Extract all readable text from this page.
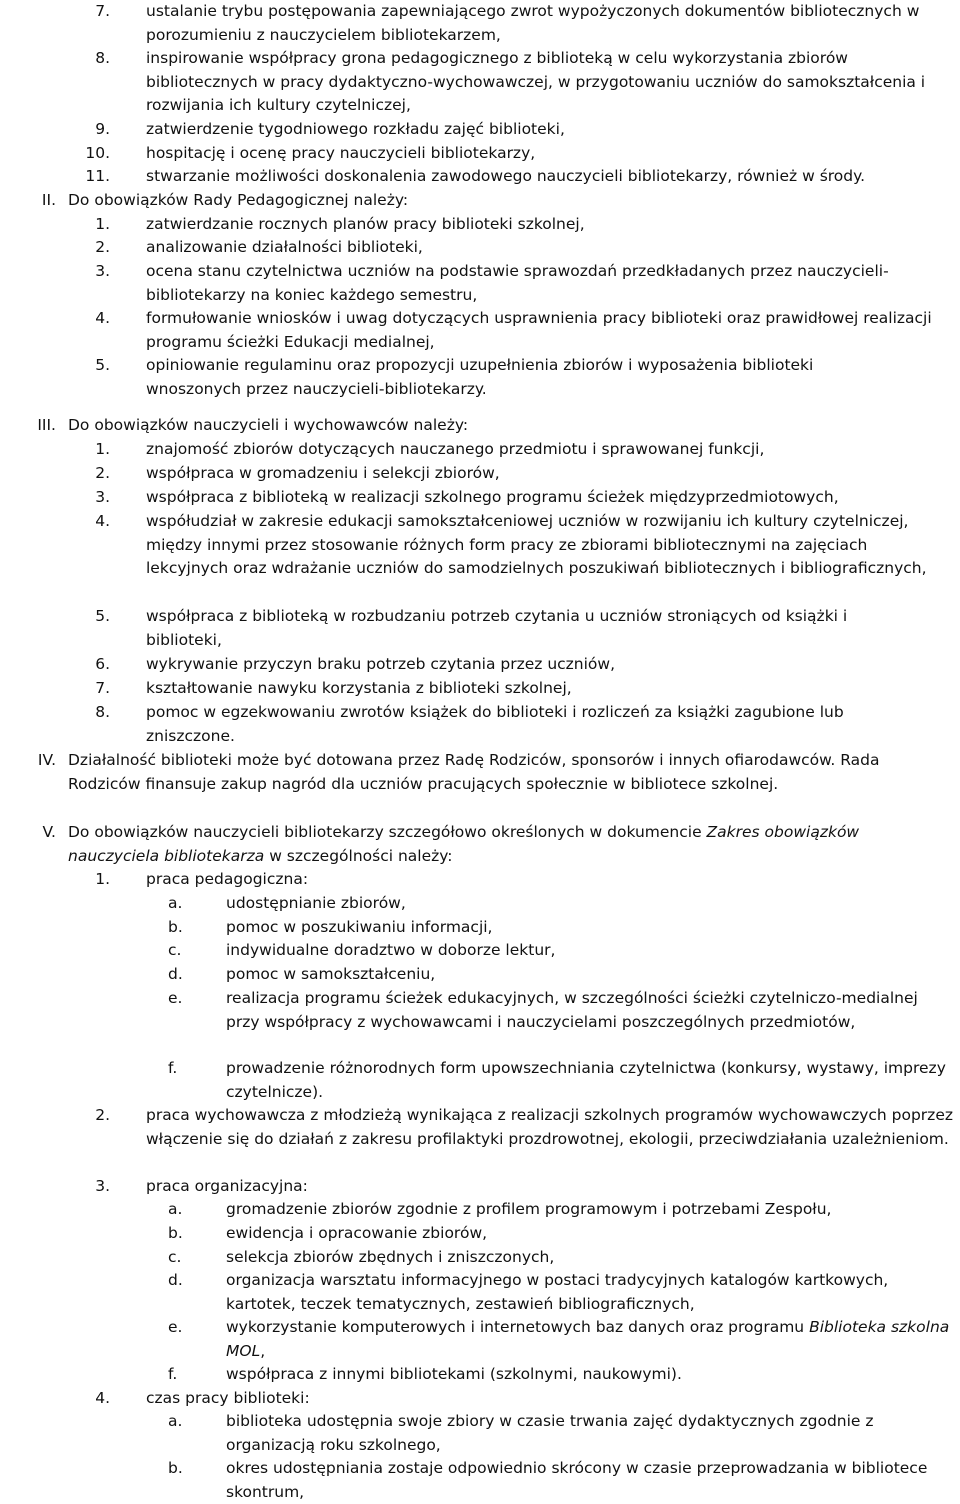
7. ustalanie trybu postępowania zapewniającego zwrot wypożyczonych dokumentów bibliotecznych w porozumieniu z nauczycielem bibliotekarzem,
8. inspirowanie współpracy grona pedagogicznego z biblioteką w celu wykorzystania zbiorów bibliotecznych w pracy dydaktyczno-wychowawczej, w przygotowaniu uczniów do samokształcenia i rozwijania ich kultury czytelniczej,
9. zatwierdzenie tygodniowego rozkładu zajęć biblioteki,
10. hospitację i ocenę pracy nauczycieli bibliotekarzy,
11. stwarzanie możliwości doskonalenia zawodowego nauczycieli bibliotekarzy, również w środy.
II. Do obowiązków Rady Pedagogicznej należy:
1. zatwierdzanie rocznych planów pracy biblioteki szkolnej,
2. analizowanie działalności biblioteki,
3. ocena stanu czytelnictwa uczniów na podstawie sprawozdań przedkładanych przez nauczycieli-bibliotekarzy na koniec każdego semestru,
4. formułowanie wniosków i uwag dotyczących usprawnienia pracy biblioteki oraz prawidłowej realizacji programu ścieżki Edukacji medialnej,
5. opiniowanie regulaminu oraz propozycji uzupełnienia zbiorów i wyposażenia biblioteki wnoszonych przez nauczycieli-bibliotekarzy.
III. Do obowiązków nauczycieli i wychowawców należy:
1. znajomość zbiorów dotyczących nauczanego przedmiotu i sprawowanej funkcji,
2. współpraca w gromadzeniu i selekcji zbiorów,
3. współpraca z biblioteką w realizacji szkolnego programu ścieżek międzyprzedmiotowych,
4. współudział w zakresie edukacji samokształceniowej uczniów w rozwijaniu ich kultury czytelniczej, między innymi przez stosowanie różnych form pracy ze zbiorami bibliotecznymi na zajęciach lekcyjnych oraz wdrażanie uczniów do samodzielnych poszukiwań bibliotecznych i bibliograficznych,
5. współpraca z biblioteką w rozbudzaniu potrzeb czytania u uczniów stroniących od książki i biblioteki,
6. wykrywanie przyczyn braku potrzeb czytania przez uczniów,
7. kształtowanie nawyku korzystania z biblioteki szkolnej,
8. pomoc w egzekwowaniu zwrotów książek do biblioteki i rozliczeń za książki zagubione lub zniszczone.
IV. Działalność biblioteki może być dotowana przez Radę Rodziców, sponsorów i innych ofiarodawców. Rada Rodziców finansuje zakup nagród dla uczniów pracujących społecznie w bibliotece szkolnej.
V. Do obowiązków nauczycieli bibliotekarzy szczegółowo określonych w dokumencie Zakres obowiązków nauczyciela bibliotekarza w szczególności należy:
1. praca pedagogiczna:
a.	udostępnianie zbiorów,
b.	pomoc w poszukiwaniu informacji,
c.	indywidualne doradztwo w doborze lektur,
d.	pomoc w samokształceniu,
e.	realizacja programu ścieżek edukacyjnych, w szczególności ścieżki czytelniczo-medialnej przy współpracy z wychowawcami i nauczycielami poszczególnych przedmiotów,
f.	prowadzenie różnorodnych form upowszechniania czytelnictwa (konkursy, wystawy, imprezy czytelnicze).
2. praca wychowawcza z młodzieżą wynikająca z realizacji szkolnych programów wychowawczych poprzez włączenie się do działań z zakresu profilaktyki prozdrowotnej, ekologii, przeciwdziałania uzależnieniom.
3. praca organizacyjna:
a.	gromadzenie zbiorów zgodnie z profilem programowym i potrzebami Zespołu,
b.	ewidencja i opracowanie zbiorów,
c.	selekcja zbiorów zbędnych i zniszczonych,
d.	organizacja warsztatu informacyjnego w postaci tradycyjnych katalogów kartkowych, kartotek, teczek tematycznych, zestawień bibliograficznych,
e.	wykorzystanie komputerowych i internetowych baz danych oraz programu Biblioteka szkolna MOL,
f.	współpraca z innymi bibliotekami (szkolnymi, naukowymi).
4. czas pracy biblioteki:
a.	biblioteka udostępnia swoje zbiory w czasie trwania zajęć dydaktycznych zgodnie z organizacją roku szkolnego,
b.	okres udostępniania zostaje odpowiednio skrócony w czasie przeprowadzania w bibliotece skontrum,
